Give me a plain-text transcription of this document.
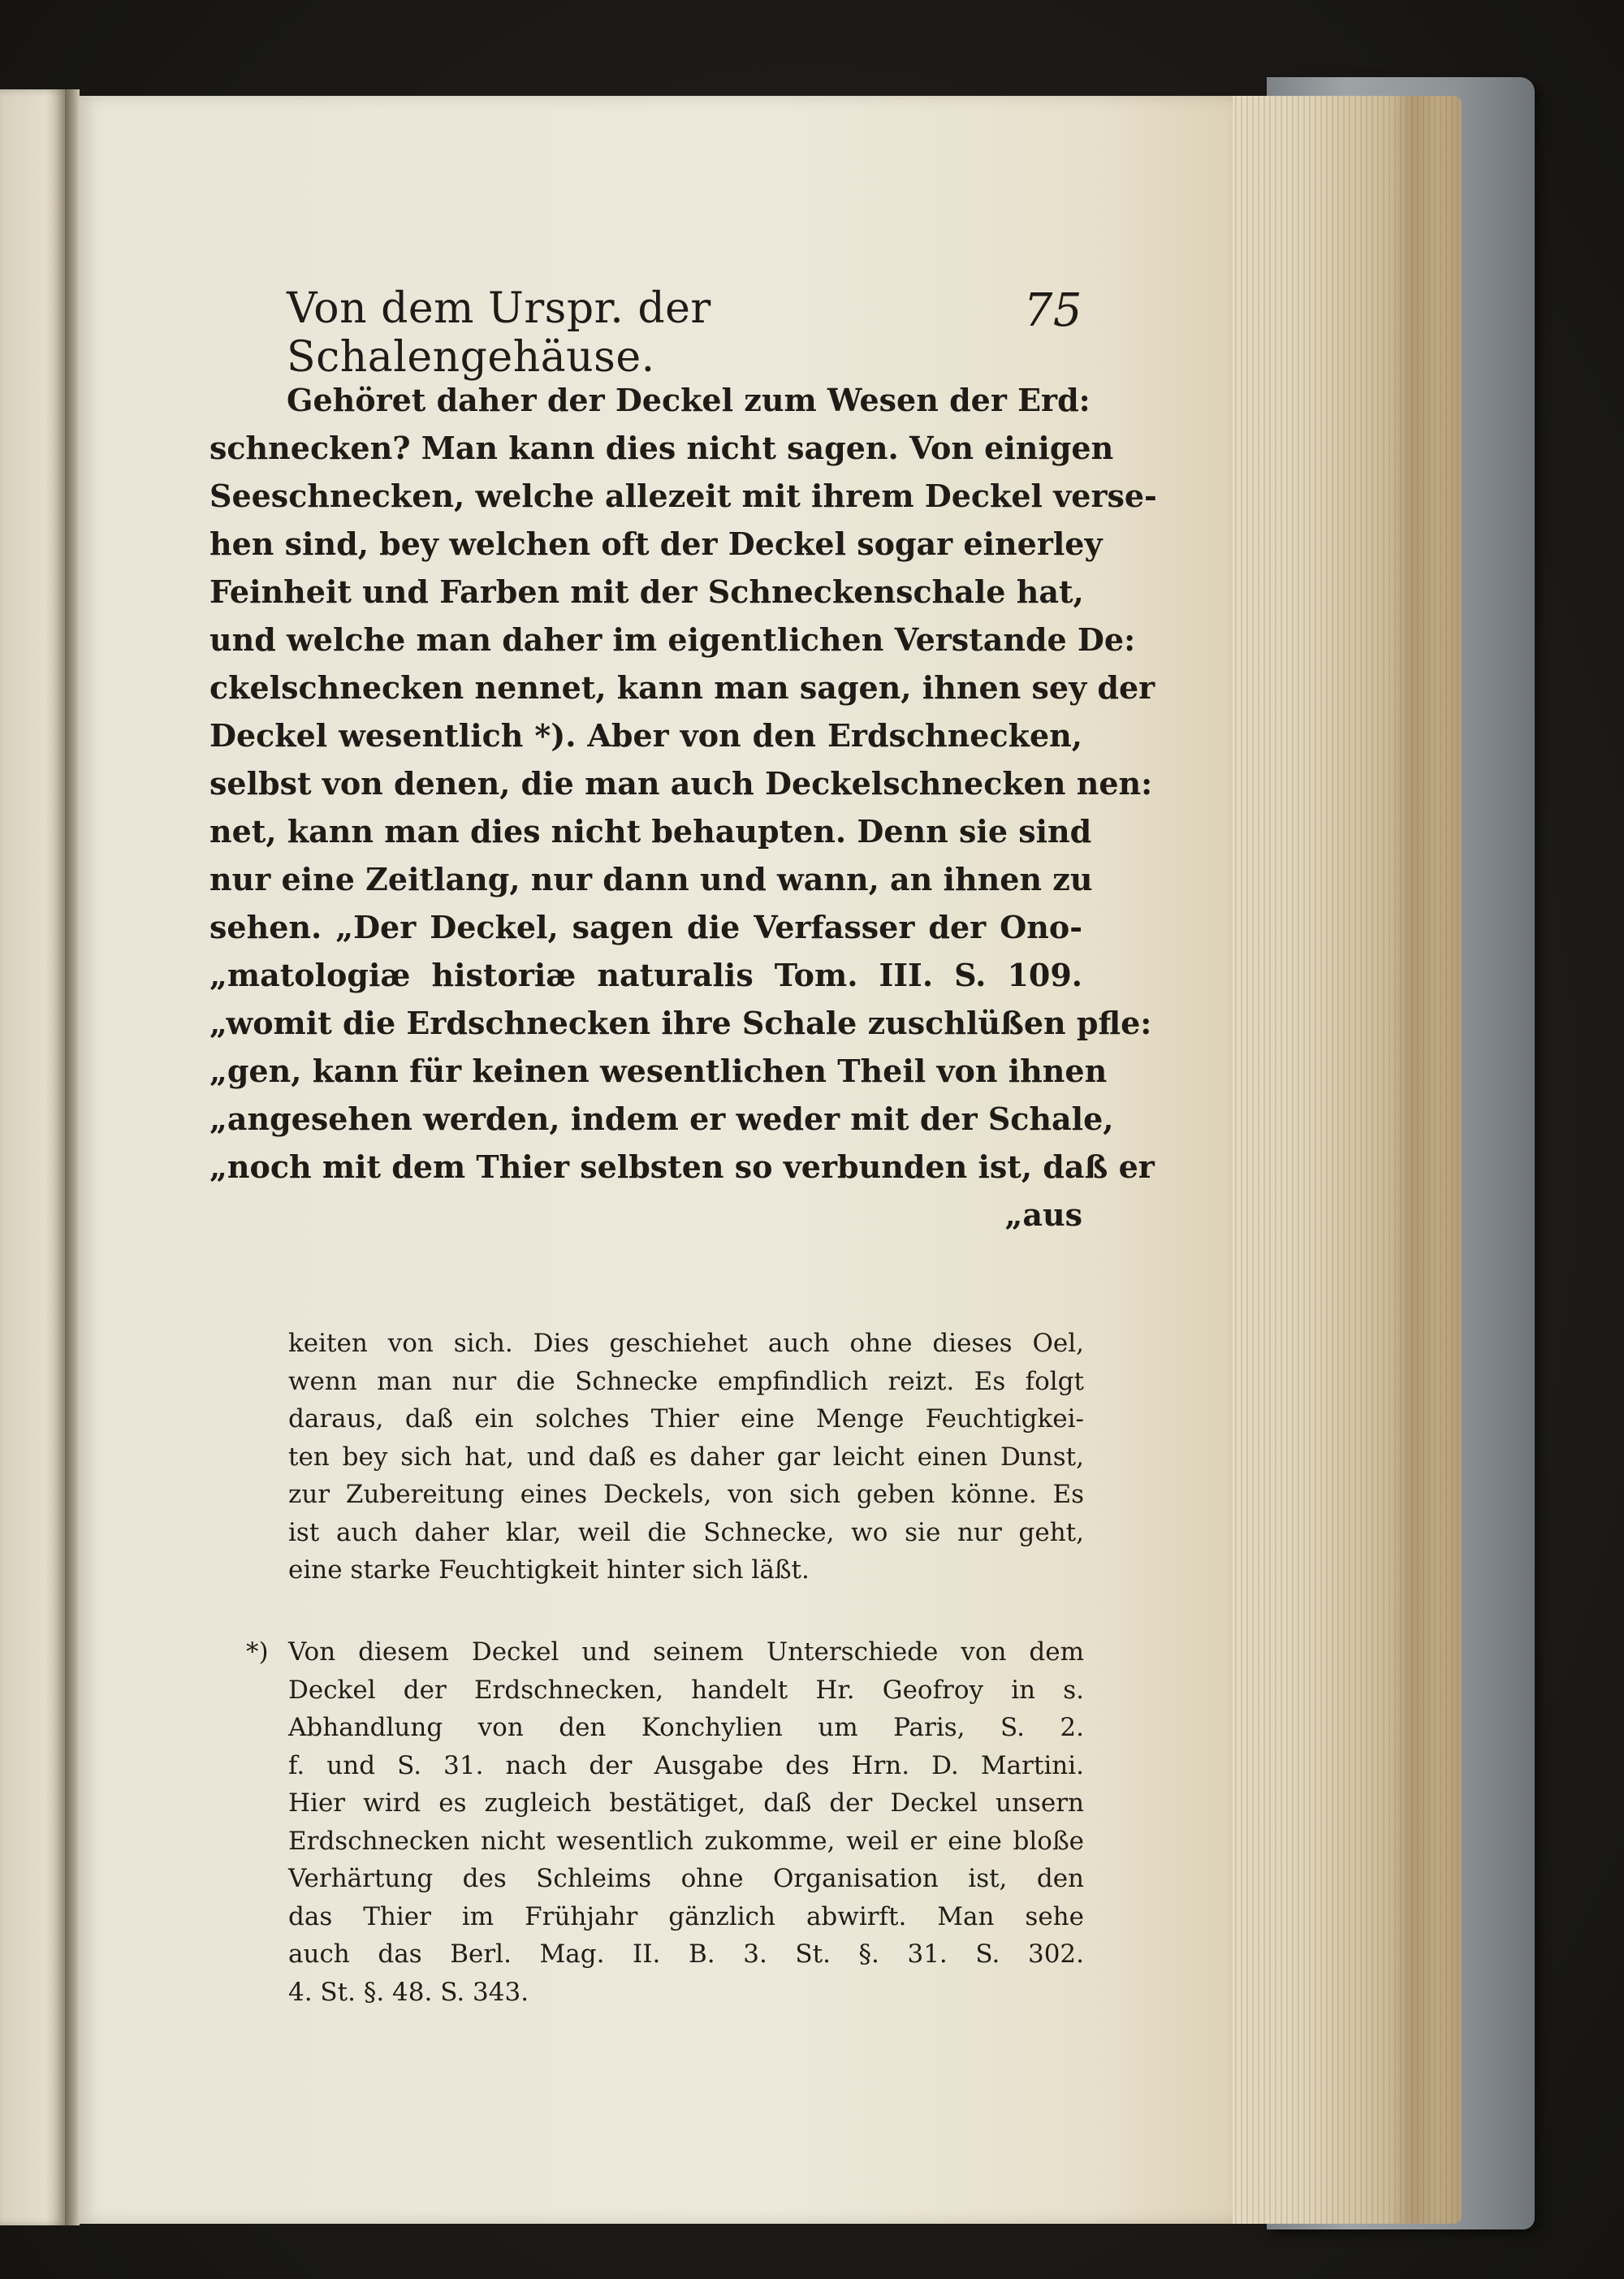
Von dem Urspr. der Schalengehäuse.
75
Gehöret daher der Deckel zum Wesen der Erd:
schnecken? Man kann dies nicht sagen. Von einigen
Seeschnecken, welche allezeit mit ihrem Deckel verse-
hen sind, bey welchen oft der Deckel sogar einerley
Feinheit und Farben mit der Schneckenschale hat,
und welche man daher im eigentlichen Verstande De:
ckelschnecken nennet, kann man sagen, ihnen sey der
Deckel wesentlich *). Aber von den Erdschnecken,
selbst von denen, die man auch Deckelschnecken nen:
net, kann man dies nicht behaupten. Denn sie sind
nur eine Zeitlang, nur dann und wann, an ihnen zu
sehen. „Der Deckel, sagen die Verfasser der Ono-
„matologiæ historiæ naturalis Tom. III. S. 109.
„womit die Erdschnecken ihre Schale zuschlüßen pfle:
„gen, kann für keinen wesentlichen Theil von ihnen
„angesehen werden, indem er weder mit der Schale,
„noch mit dem Thier selbsten so verbunden ist, daß er
„aus
keiten von sich. Dies geschiehet auch ohne dieses Oel,
wenn man nur die Schnecke empfindlich reizt. Es folgt
daraus, daß ein solches Thier eine Menge Feuchtigkei-
ten bey sich hat, und daß es daher gar leicht einen Dunst,
zur Zubereitung eines Deckels, von sich geben könne. Es
ist auch daher klar, weil die Schnecke, wo sie nur geht,
eine starke Feuchtigkeit hinter sich läßt.
*) Von diesem Deckel und seinem Unterschiede von dem
Deckel der Erdschnecken, handelt Hr. Geofroy in s.
Abhandlung von den Konchylien um Paris, S. 2.
f. und S. 31. nach der Ausgabe des Hrn. D. Martini.
Hier wird es zugleich bestätiget, daß der Deckel unsern
Erdschnecken nicht wesentlich zukomme, weil er eine bloße
Verhärtung des Schleims ohne Organisation ist, den
das Thier im Frühjahr gänzlich abwirft. Man sehe
auch das Berl. Mag. II. B. 3. St. §. 31. S. 302.
4. St. §. 48. S. 343.
